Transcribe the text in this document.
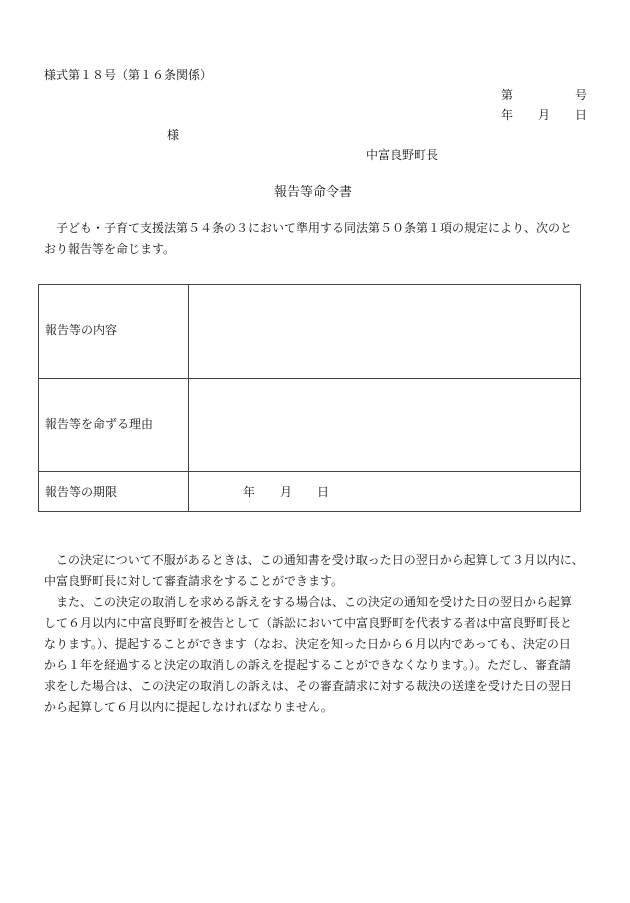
様式第１８号（第１６条関係）
第	号
年 月 日
様
中富良野町長
報告等命令書
　子ども・子育て支援法第５４条の３において準用する同法第５０条第１項の規定により、次のと
おり報告等を命じます。
報告等の内容
報告等を命ずる理由
報告等の期限	年 月 日
　この決定について不服があるときは、この通知書を受け取った日の翌日から起算して３月以内に、
中富良野町長に対して審査請求をすることができます。
　また、この決定の取消しを求める訴えをする場合は、この決定の通知を受けた日の翌日から起算
して６月以内に中富良野町を被告として（訴訟において中富良野町を代表する者は中富良野町長と
なります。）、提起することができます（なお、決定を知った日から６月以内であっても、決定の日
から１年を経過すると決定の取消しの訴えを提起することができなくなります。）。ただし、審査請
求をした場合は、この決定の取消しの訴えは、その審査請求に対する裁決の送達を受けた日の翌日
から起算して６月以内に提起しなければなりません。
